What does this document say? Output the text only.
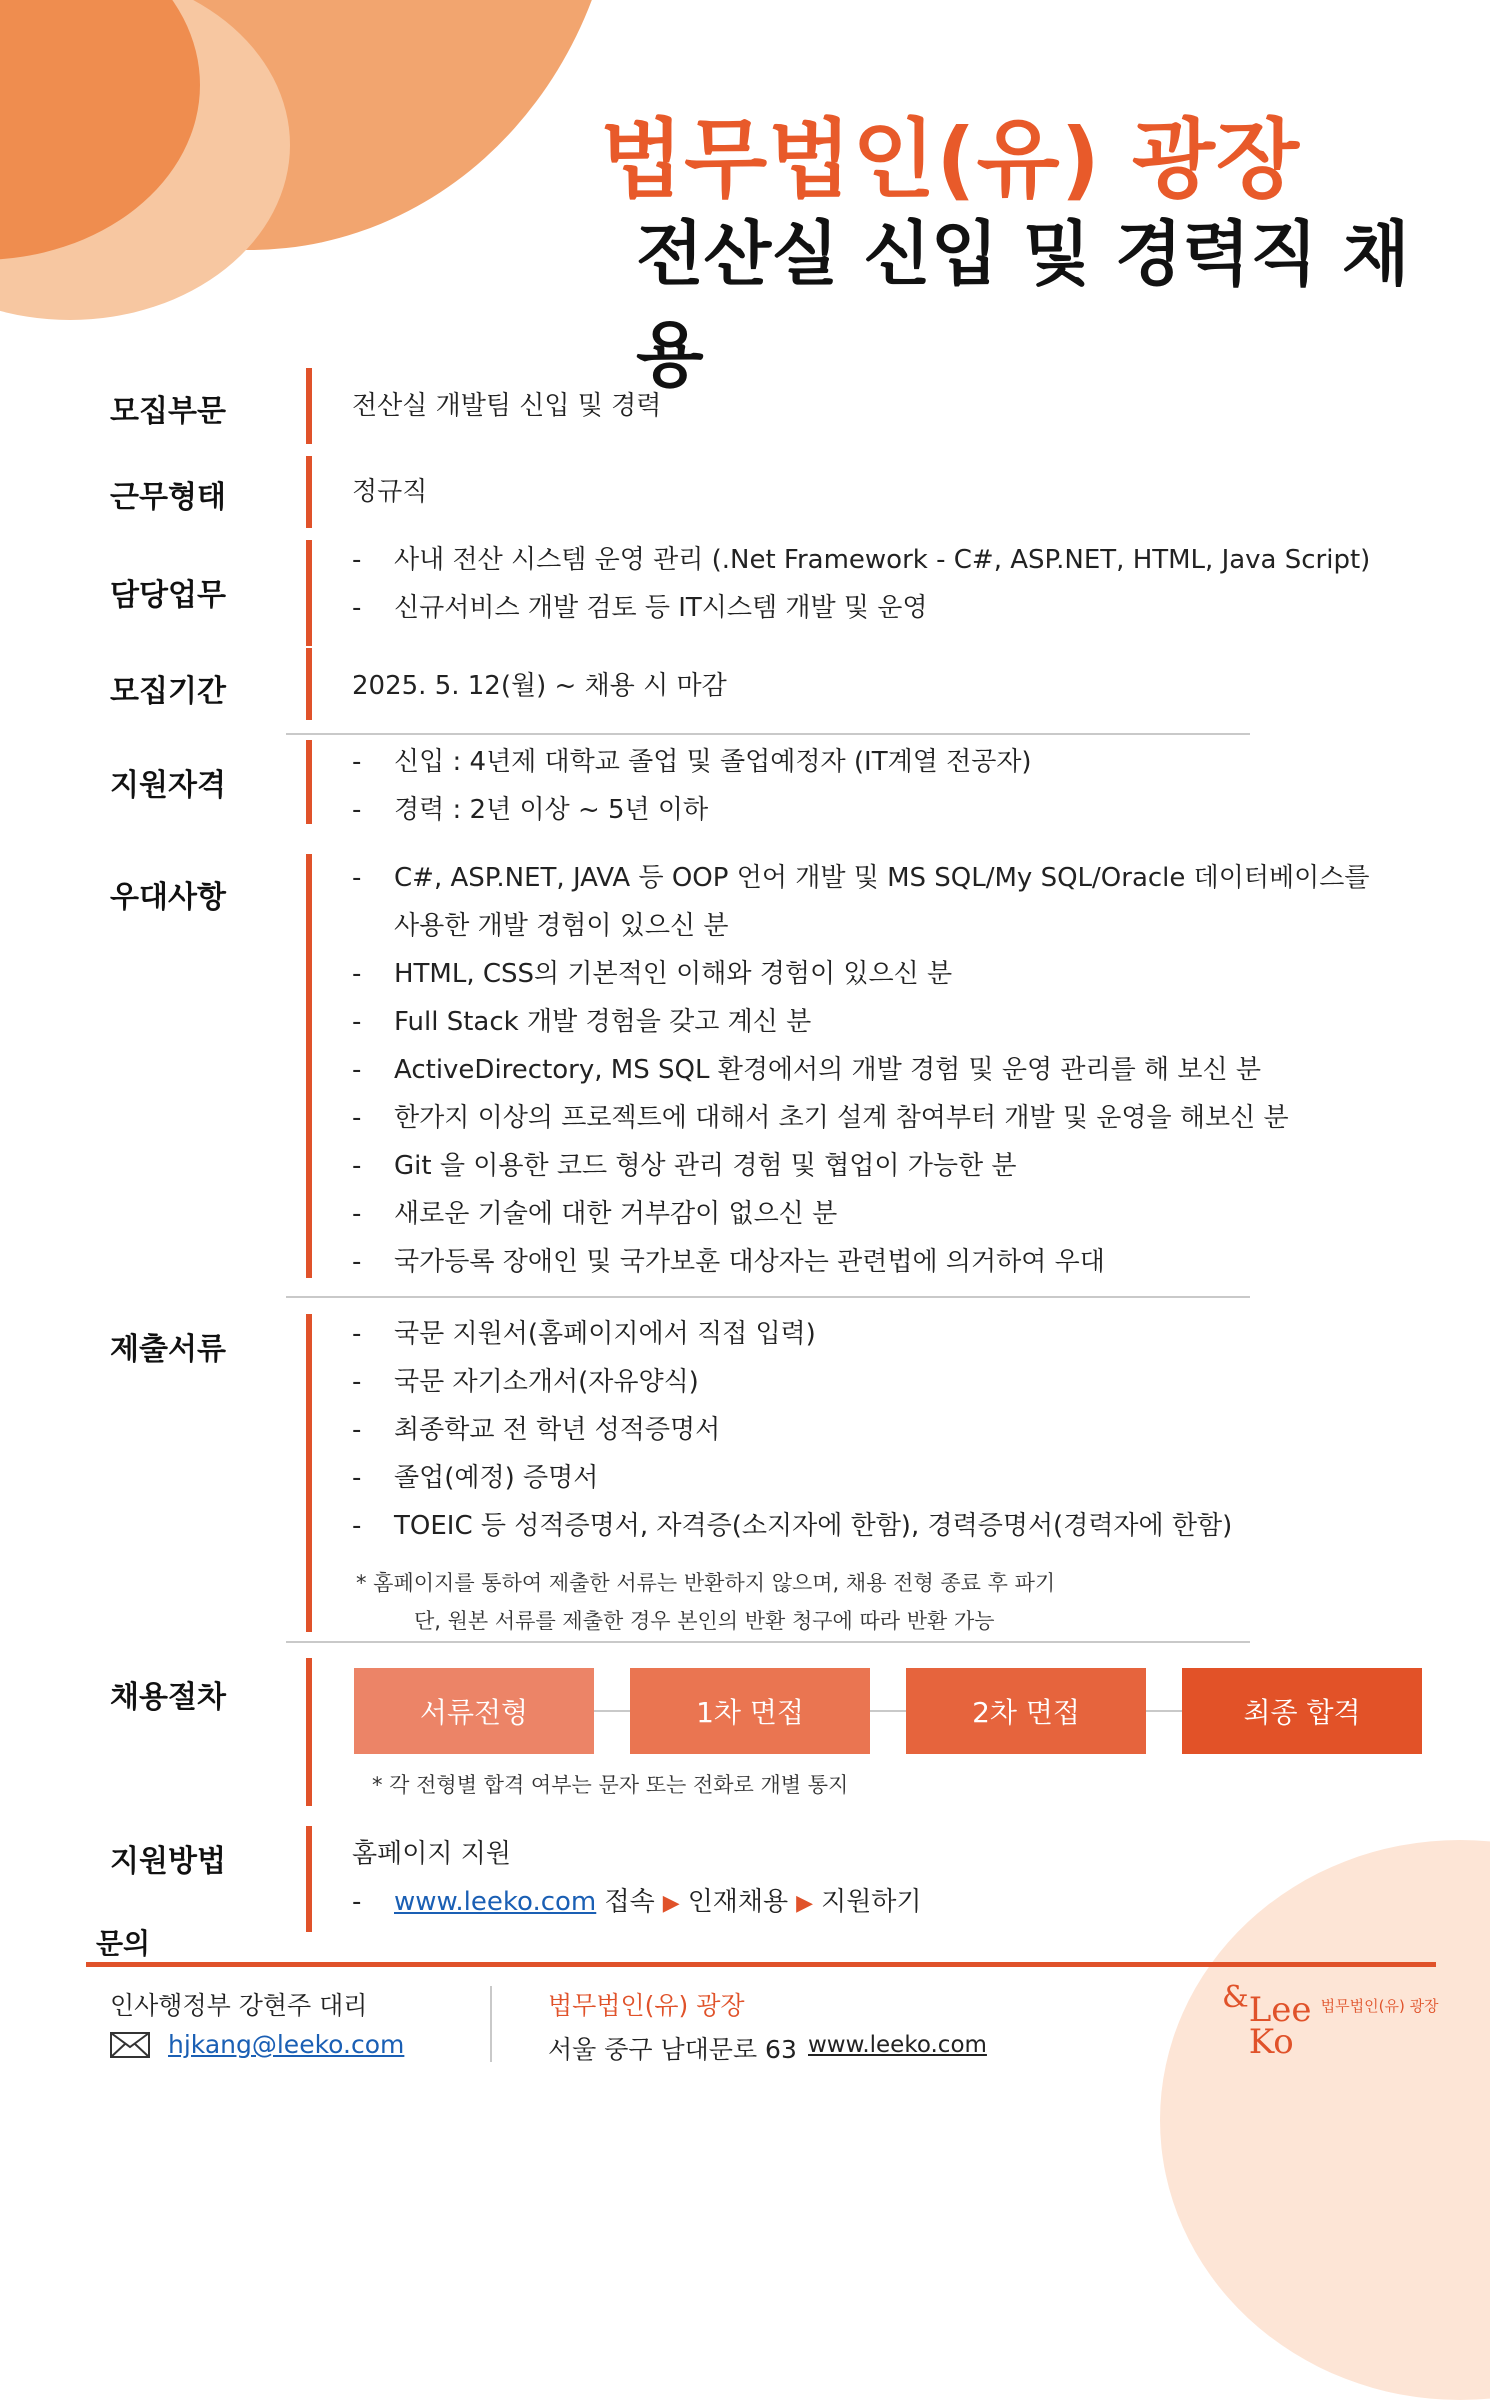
법무법인(유) 광장
전산실 신입 및 경력직 채용
모집부문	전산실 개발팀 신입 및 경력
근무형태	정규직
담당업무
- 사내 전산 시스템 운영 관리 (.Net Framework - C#, ASP.NET, HTML, Java Script)
- 신규서비스 개발 검토 등 IT시스템 개발 및 운영
모집기간	2025. 5. 12(월) ~ 채용 시 마감
지원자격
- 신입 : 4년제 대학교 졸업 및 졸업예정자 (IT계열 전공자)
- 경력 : 2년 이상 ~ 5년 이하
우대사항
- C#, ASP.NET, JAVA 등 OOP 언어 개발 및 MS SQL/My SQL/Oracle 데이터베이스를
사용한 개발 경험이 있으신 분
- HTML, CSS의 기본적인 이해와 경험이 있으신 분
- Full Stack 개발 경험을 갖고 계신 분
- ActiveDirectory, MS SQL 환경에서의 개발 경험 및 운영 관리를 해 보신 분
- 한가지 이상의 프로젝트에 대해서 초기 설계 참여부터 개발 및 운영을 해보신 분
- Git 을 이용한 코드 형상 관리 경험 및 협업이 가능한 분
- 새로운 기술에 대한 거부감이 없으신 분
- 국가등록 장애인 및 국가보훈 대상자는 관련법에 의거하여 우대
제출서류	- 국문 지원서(홈페이지에서 직접 입력)
- 국문 자기소개서(자유양식)
- 최종학교 전 학년 성적증명서
- 졸업(예정) 증명서
- TOEIC 등 성적증명서, 자격증(소지자에 한함), 경력증명서(경력자에 한함)
* 홈페이지를 통하여 제출한 서류는 반환하지 않으며, 채용 전형 종료 후 파기
단, 원본 서류를 제출한 경우 본인의 반환 청구에 따라 반환 가능
채용절차	서류전형	1차 면접	2차 면접	최종 합격
* 각 전형별 합격 여부는 문자 또는 전화로 개별 통지
지원방법	홈페이지 지원
- www.leeko.com 접속 ▶ 인재채용 ▶ 지원하기
문의
인사행정부 강현주 대리
hjkang@leeko.com
법무법인(유) 광장
서울 중구 남대문로 63 www.leeko.com
&Lee
Ko 법무법인(유) 광장
